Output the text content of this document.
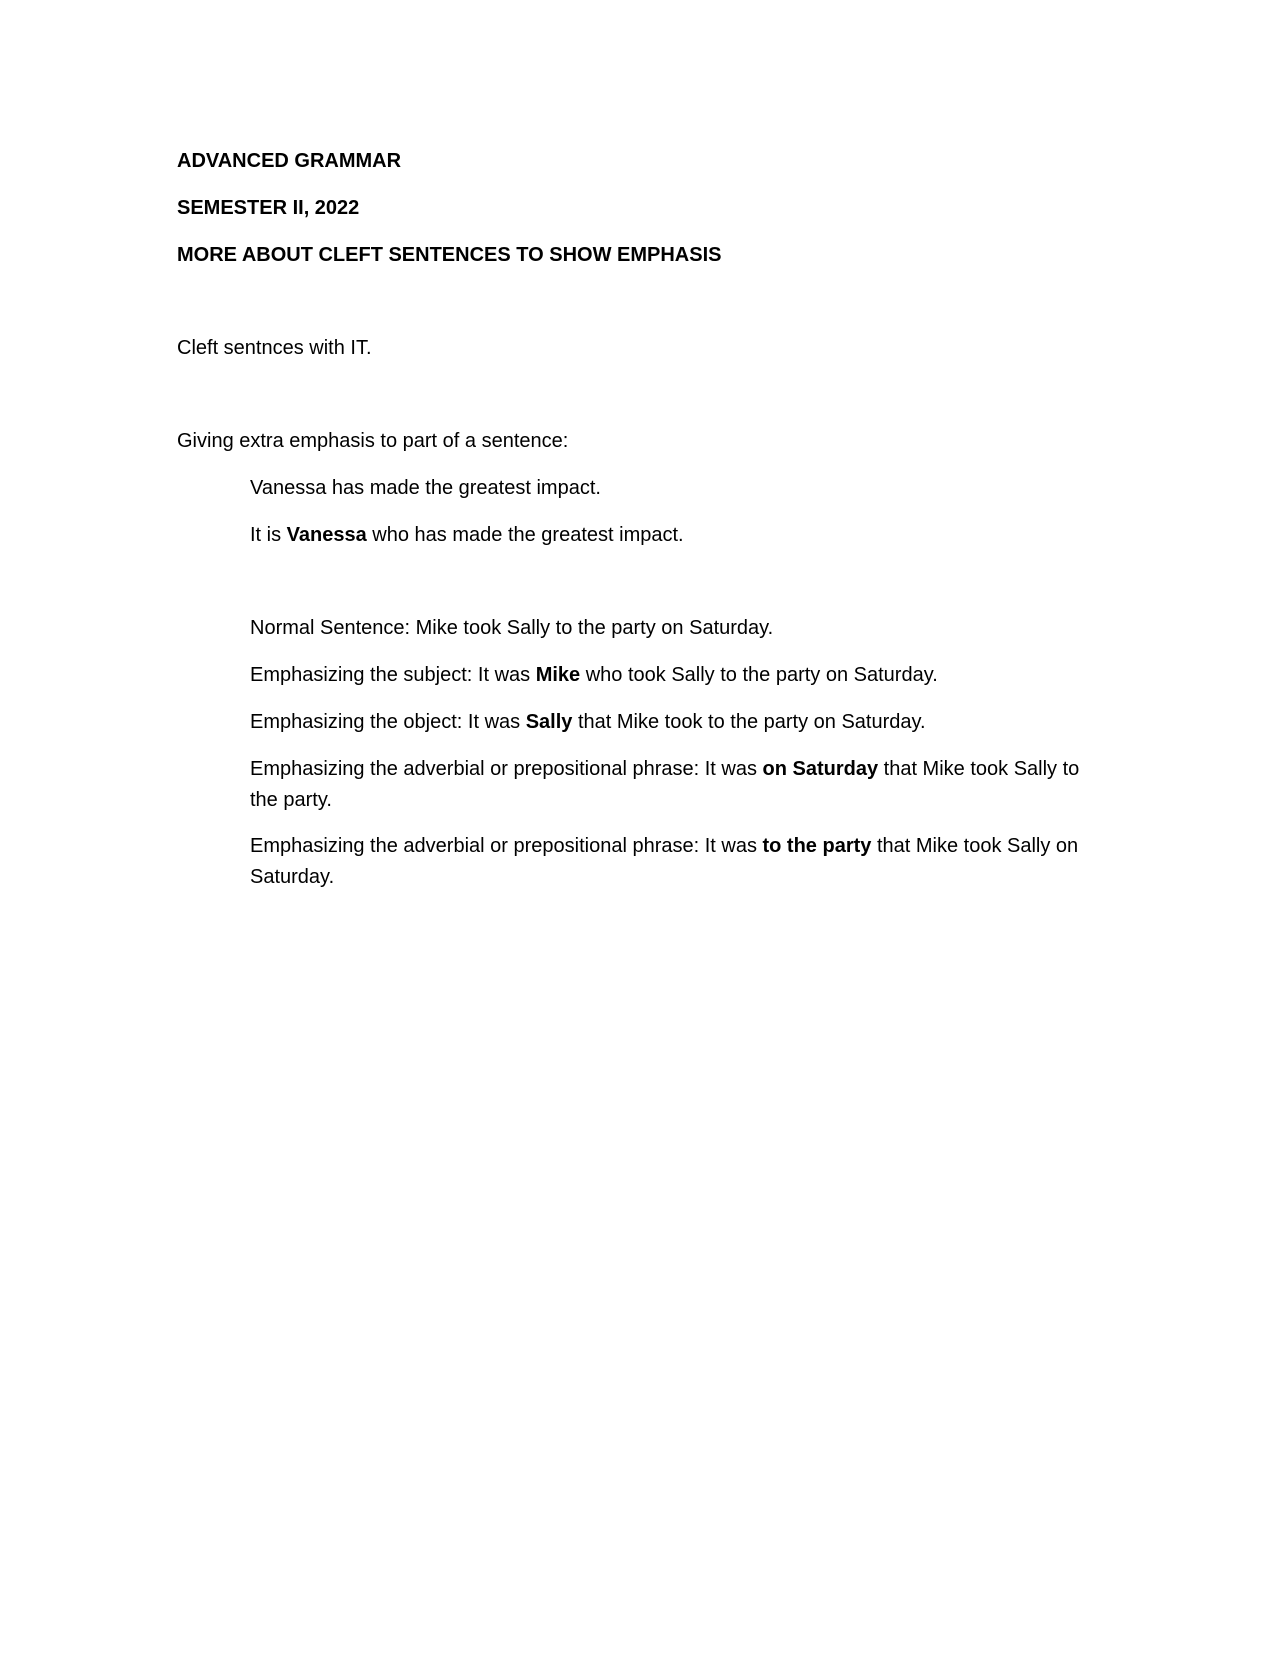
ADVANCED GRAMMAR
SEMESTER II, 2022
MORE ABOUT CLEFT SENTENCES TO SHOW EMPHASIS
Cleft sentnces with IT.
Giving extra emphasis to part of a sentence:
Vanessa has made the greatest impact.
It is Vanessa who has made the greatest impact.
Normal Sentence: Mike took Sally to the party on Saturday.
Emphasizing the subject: It was Mike who took Sally to the party on Saturday.
Emphasizing the object: It was Sally that Mike took to the party on Saturday.
Emphasizing the adverbial or prepositional phrase: It was on Saturday that Mike took Sally to the party.
Emphasizing the adverbial or prepositional phrase: It was to the party that Mike took Sally on Saturday.
